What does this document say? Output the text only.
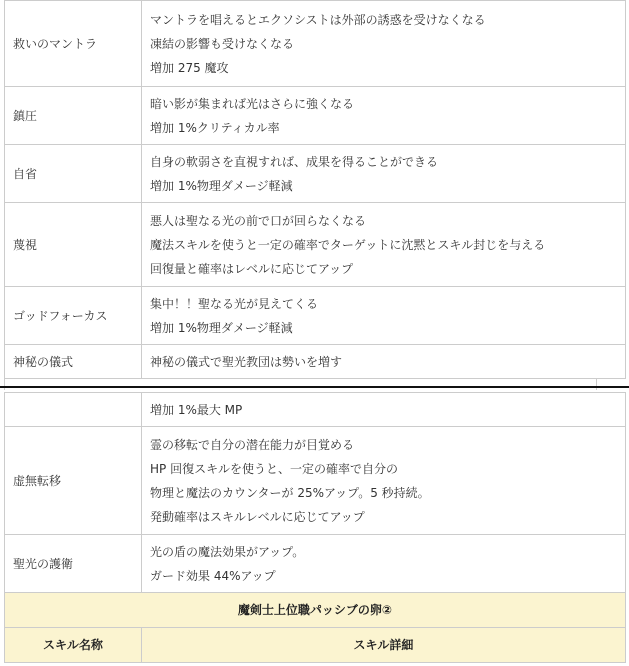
救いのマントラ	マントラを唱えるとエクソシストは外部の誘惑を受けなくなる
凍結の影響も受けなくなる
増加 275 魔攻

鎮圧	暗い影が集まれば光はさらに強くなる
増加 1%クリティカル率

自省	自身の軟弱さを直視すれば、成果を得ることができる
増加 1%物理ダメージ軽減

蔑視	悪人は聖なる光の前で口が回らなくなる
魔法スキルを使うと一定の確率でターゲットに沈黙とスキル封じを与える
回復量と確率はレベルに応じてアップ

ゴッドフォーカス	集中！！聖なる光が見えてくる
増加 1%物理ダメージ軽減

神秘の儀式	神秘の儀式で聖光教団は勢いを増す

	増加 1%最大 MP

虚無転移	霊の移転で自分の潜在能力が目覚める
HP 回復スキルを使うと、一定の確率で自分の
物理と魔法のカウンターが 25%アップ。5 秒持続。
発動確率はスキルレベルに応じてアップ

聖光の護衛	光の盾の魔法効果がアップ。
ガード効果 44%アップ

魔剣士上位職パッシブの卵②	
スキル名称	スキル詳細
